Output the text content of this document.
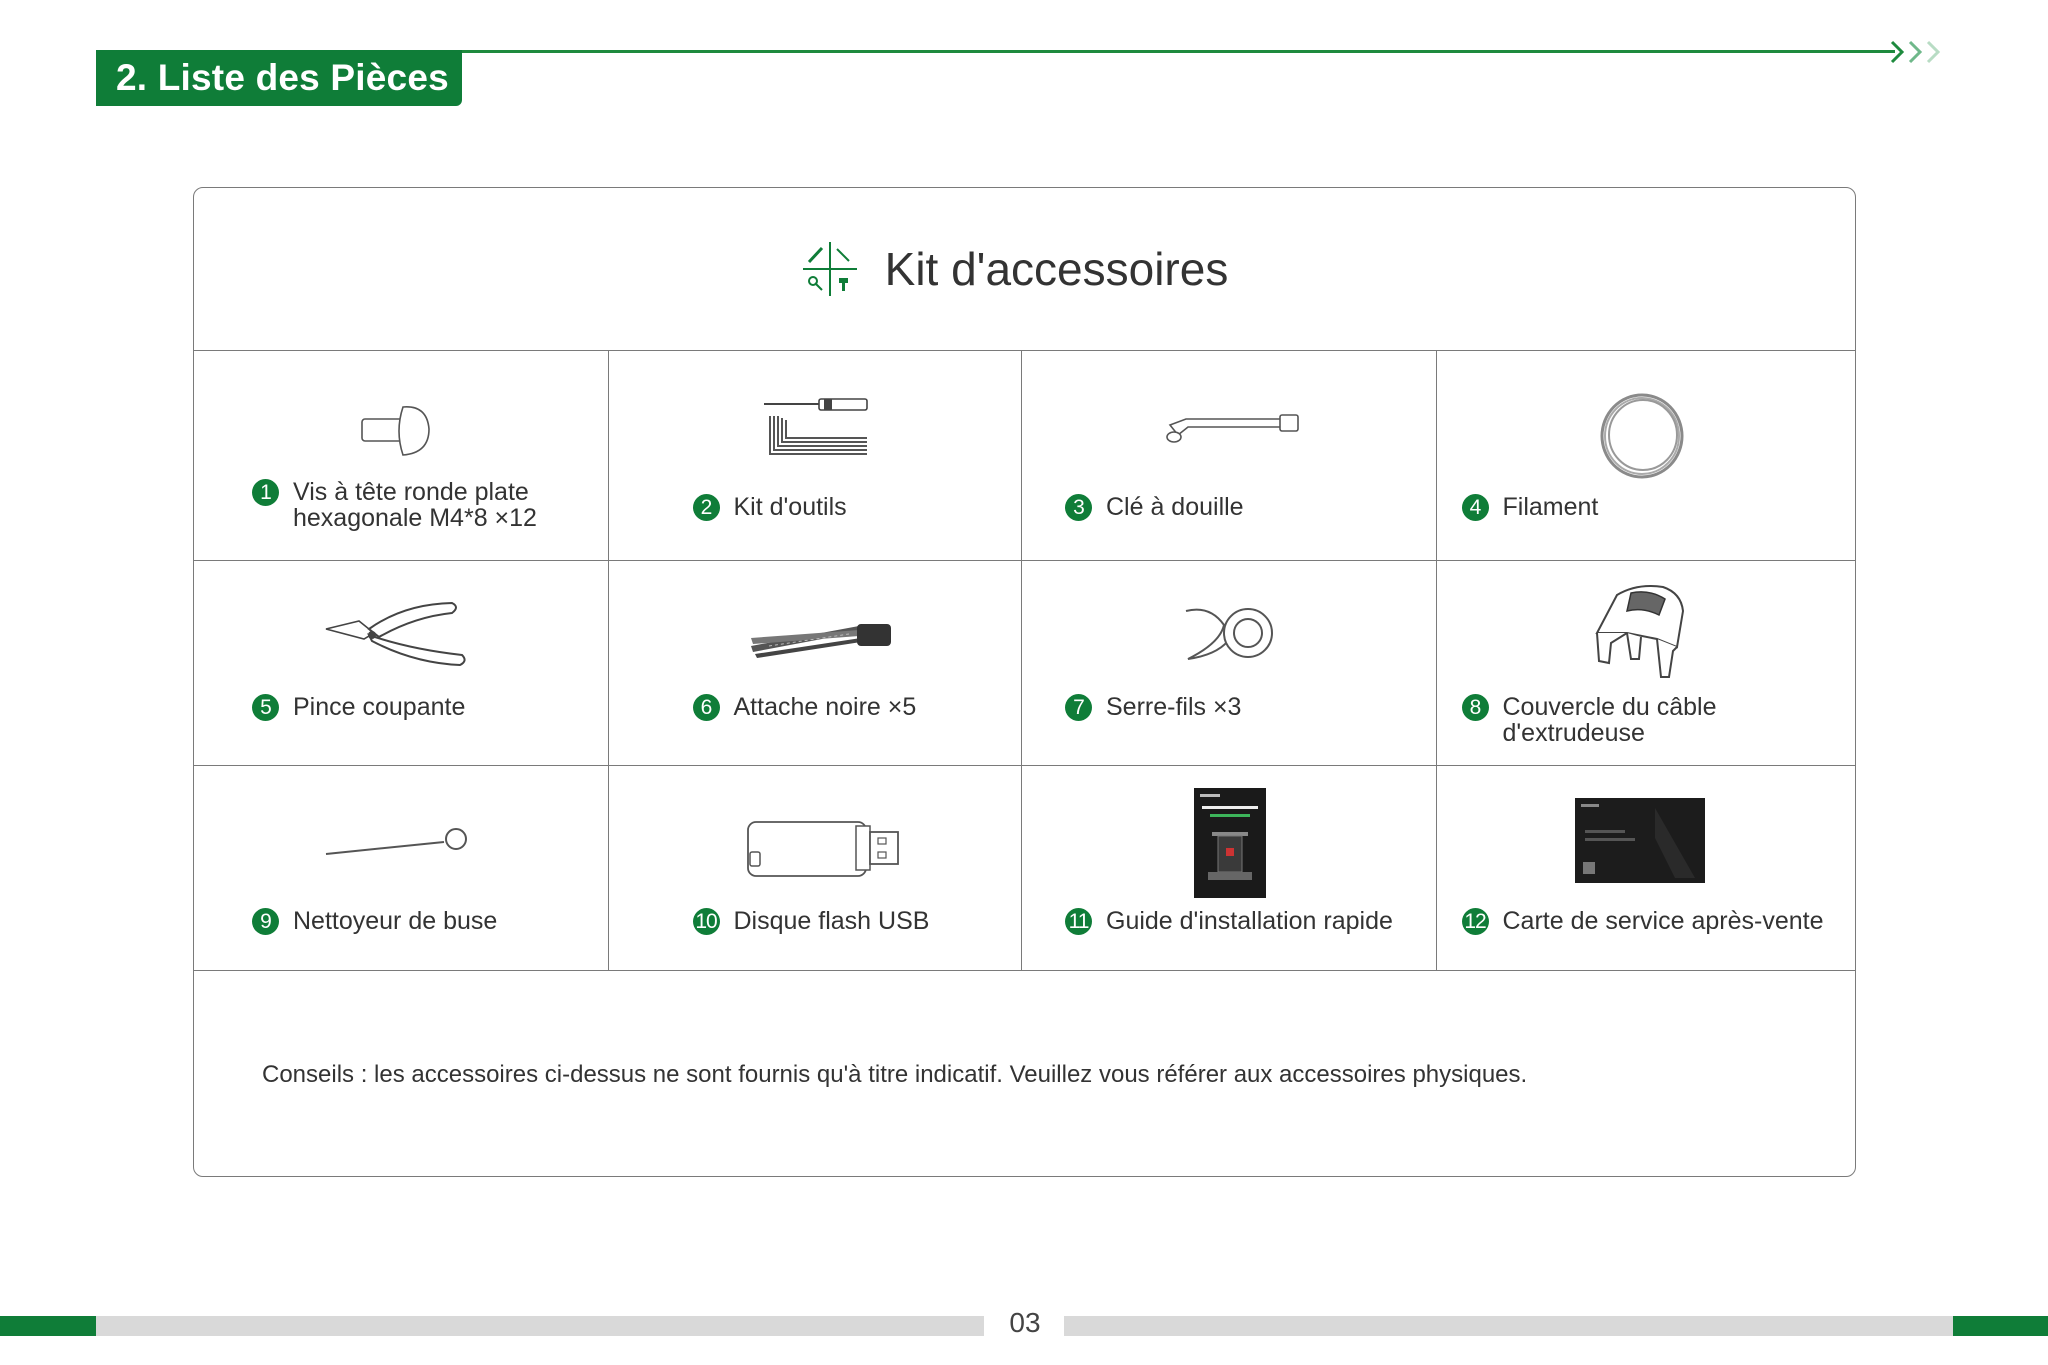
2. Liste des Pièces
Kit d'accessoires
1 Vis à tête ronde plate
hexagonale M4*8 ×12	2 Kit d'outils	3 Clé à douille	4 Filament
5 Pince coupante	6 Attache noire ×5	7 Serre-fils ×3	8 Couvercle du câble
d'extrudeuse
9 Nettoyeur de buse	10 Disque flash USB	11 Guide d'installation rapide	12 Carte de service après-vente
Conseils : les accessoires ci-dessus ne sont fournis qu'à titre indicatif. Veuillez vous référer aux accessoires physiques.
03
